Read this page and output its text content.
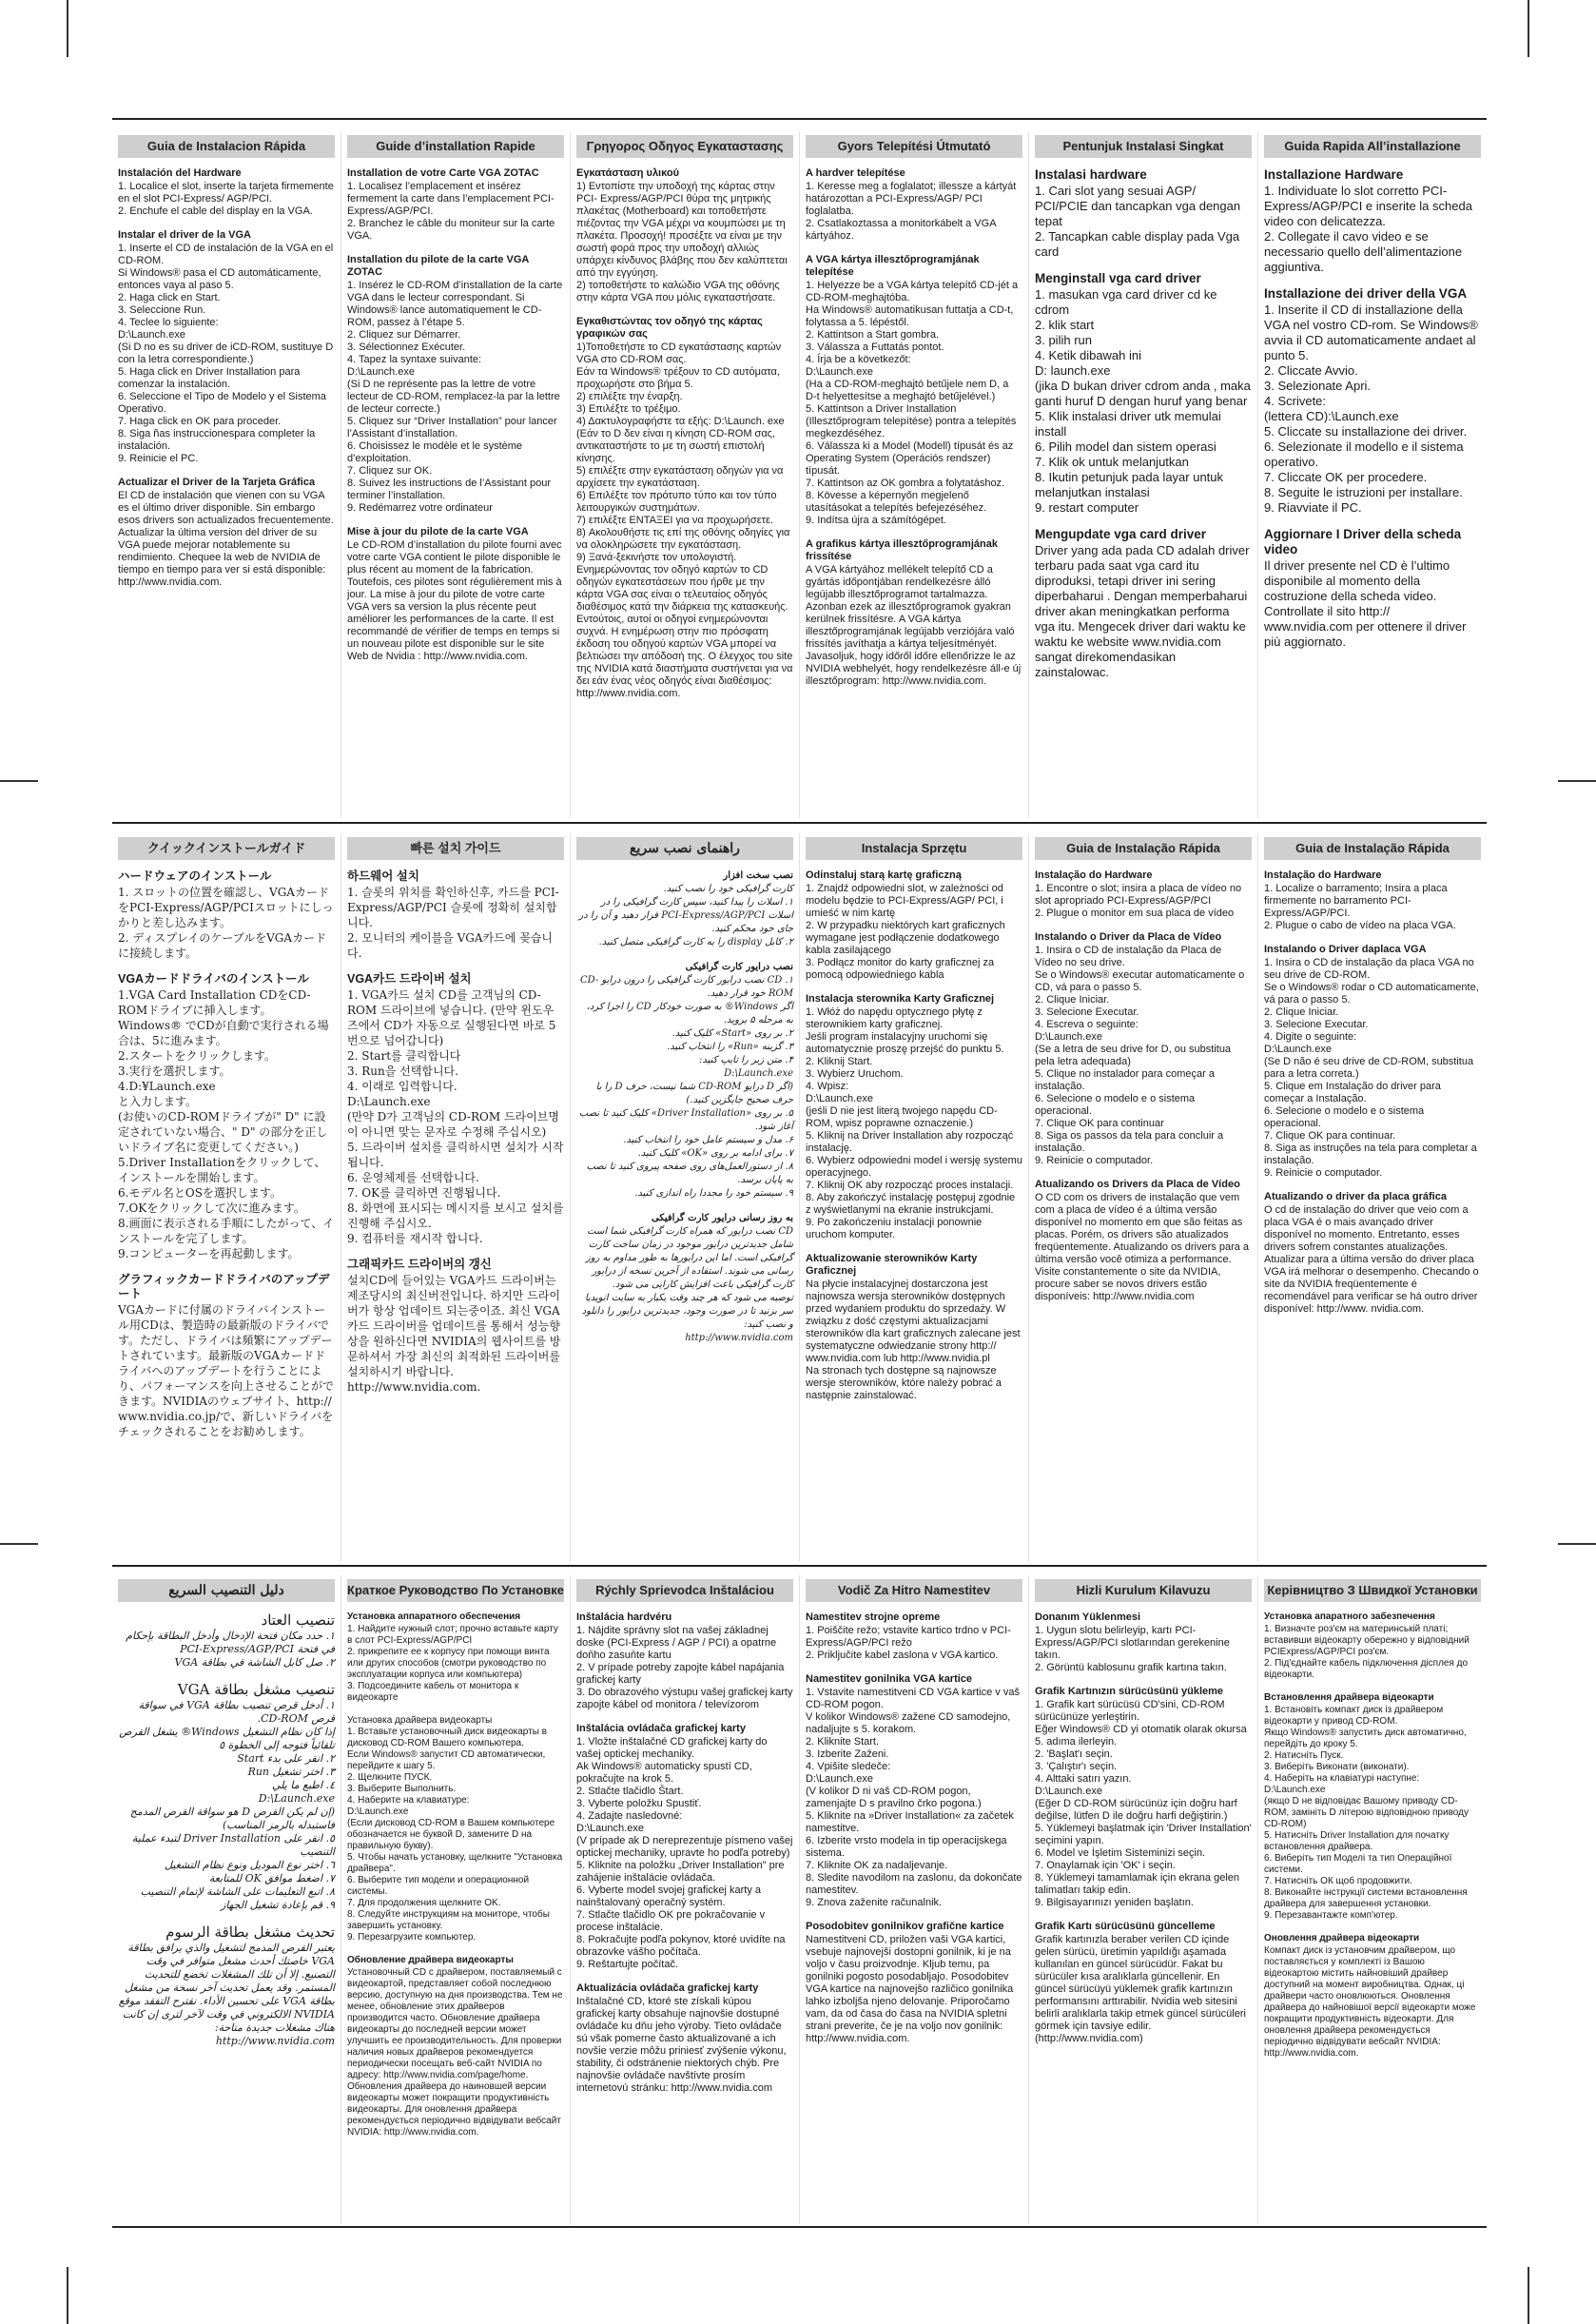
Guia de Instalacion Rápida
Instalación del Hardware
1. Localice el slot, inserte la tarjeta firmemente en el slot PCI-Express/ AGP/PCI.
2. Enchufe el cable del display en la VGA.
Instalar el driver de la VGA
1. Inserte el CD de instalación de la VGA en el CD-ROM.
Si Windows® pasa el CD automáticamente, entonces vaya al paso 5.
2. Haga click en Start.
3. Seleccione Run.
4. Teclee lo siguiente:
D:\Launch.exe
(Si D no es su driver de iCD-ROM, sustituye D con la letra correspondiente.)
5. Haga click en Driver Installation para comenzar la instalación.
6. Seleccione el Tipo de Modelo y el Sistema Operativo.
7. Haga click en OK para proceder.
8. Siga ñas instruccionespara completer la instalación.
9. Reinicie el PC.
Actualizar el Driver de la Tarjeta Gráfica
El CD de instalación que vienen con su VGA es el último driver disponible. Sin embargo esos drivers son actualizados frecuentemente. Actualizar la última version del driver de su VGA puede mejorar notablemente su rendimiento. Chequee la web de NVIDIA de tiempo en tiempo para ver si está disponible: http://www.nvidia.com.
Guide d’installation Rapide
Installation de votre Carte VGA ZOTAC
1. Localisez l’emplacement et insérez fermement la carte dans l’emplacement PCI-Express/AGP/PCI.
2. Branchez le câble du moniteur sur la carte VGA.
Installation du pilote de la carte VGA ZOTAC
1. Insérez le CD-ROM d’installation de la carte VGA dans le lecteur correspondant. Si Windows® lance automatiquement le CD-ROM, passez à l’étape 5.
2. Cliquez sur Démarrer.
3. Sélectionnez Exécuter.
4. Tapez la syntaxe suivante:
D:\Launch.exe
(Si D ne représente pas la lettre de votre lecteur de CD-ROM, remplacez-la par la lettre de lecteur correcte.)
5. Cliquez sur “Driver Installation” pour lancer l’Assistant d’installation.
6. Choisissez le modèle et le système d’exploitation.
7. Cliquez sur OK.
8. Suivez les instructions de l’Assistant pour terminer l’installation.
9. Redémarrez votre ordinateur
Mise à jour du pilote de la carte VGA
Le CD-ROM d’installation du pilote fourni avec votre carte VGA contient le pilote disponible le plus récent au moment de la fabrication. Toutefois, ces pilotes sont régulièrement mis à jour. La mise à jour du pilote de votre carte VGA vers sa version la plus récente peut améliorer les performances de la carte. Il est recommandé de vérifier de temps en temps si un nouveau pilote est disponible sur le site Web de Nvidia : http://www.nvidia.com.
Γρηγορος Οδηγος Εγκαταστασης
Εγκατάσταση υλικού
1) Εντοπίστε την υποδοχή της κάρτας στην PCI- Express/AGP/PCI θύρα της μητρικής πλακέτας (Motherboard) και τοποθετήστε πιέζοντας την VGA μέχρι να κουμπώσει με τη πλακέτα. Προσοχή! προσέξτε να είναι με την σωστή φορά προς την υποδοχή αλλιώς υπάρχει κίνδυνος βλάβης που δεν καλύπτεται από την εγγύηση.
2) τοποθετήστε το καλώδιο VGA της οθόνης στην κάρτα VGA που μόλις εγκαταστήσατε.
Εγκαθιστώντας τον οδηγό της κάρτας γραφικών σας
1)Τοποθετήστε το CD εγκατάστασης καρτών VGA στο CD-ROM σας.
Εάν τα Windows® τρέξουν το CD αυτόματα, προχωρήστε στο βήμα 5.
2) επιλέξτε την έναρξη.
3) Επιλέξτε το τρέξιμο.
4) Δακτυλογραφήστε τα εξής: D:\Launch. exe (Εάν το D δεν είναι η κίνηση CD-ROM σας, αντικαταστήστε το με τη σωστή επιστολή κίνησης.
5) επιλέξτε στην εγκατάσταση οδηγών για να αρχίσετε την εγκατάσταση.
6) Επιλέξτε τον πρότυπο τύπο και τον τύπο λειτουργικών συστημάτων.
7) επιλέξτε ΕΝΤΑΞΕΙ για να προχωρήσετε.
8) Ακολουθήστε τις επί της οθόνης οδηγίες για να ολοκληρώσετε την εγκατάσταση.
9) Ξανά-ξεκινήστε τον υπολογιστή.
Ενημερώνοντας τον οδηγό καρτών το CD οδηγών εγκατεστάσεων που ήρθε με την κάρτα VGA σας είναι ο τελευταίος οδηγός διαθέσιμος κατά την διάρκεια της κατασκευής. Εντούτοις, αυτοί οι οδηγοί ενημερώνονται συχνά. Η ενημέρωση στην πιο πρόσφατη έκδοση του οδηγού καρτών VGA μπορεί να βελτιώσει την απόδοσή της. Ο έλεγχος του site της NVIDIA κατά διαστήματα συστήνεται για να δει εάν ένας νέος οδηγός είναι διαθέσιμος: http://www.nvidia.com.
Gyors Telepítési Útmutató
A hardver telepítése
1. Keresse meg a foglalatot; illessze a kártyát határozottan a PCI-Express/AGP/ PCI foglalatba.
2. Csatlakoztassa a monitorkábelt a VGA kártyához.
A VGA kártya illesztőprogramjának telepítése
1. Helyezze be a VGA kártya telepítő CD-jét a CD-ROM-meghajtóba.
Ha Windows® automatikusan futtatja a CD-t, folytassa a 5. lépéstől.
2. Kattintson a Start gombra.
3. Válassza a Futtatás pontot.
4. Írja be a következőt:
D:\Launch.exe
(Ha a CD-ROM-meghajtó betűjele nem D, a D-t helyettesítse a meghajtó betűjelével.)
5. Kattintson a Driver Installation (Illesztőprogram telepítése) pontra a telepítés megkezdéséhez.
6. Válassza ki a Model (Modell) típusát és az Operating System (Operációs rendszer) típusát.
7. Kattintson az OK gombra a folytatáshoz.
8. Kövesse a képernyőn megjelenő utasításokat a telepítés befejezéséhez.
9. Indítsa újra a számítógépet.
A grafikus kártya illesztőprogramjának frissítése
A VGA kártyához mellékelt telepítő CD a gyártás időpontjában rendelkezésre álló legújabb illesztőprogramot tartalmazza. Azonban ezek az illesztőprogramok gyakran kerülnek frissítésre. A VGA kártya illesztőprogramjának legújabb verziójára való frissítés javíthatja a kártya teljesítményét. Javasoljuk, hogy időről időre ellenőrizze le az NVIDIA webhelyét, hogy rendelkezésre áll-e új illesztőprogram: http://www.nvidia.com.
Pentunjuk Instalasi Singkat
Instalasi hardware
1. Cari slot yang sesuai AGP/ PCI/PCIE dan tancapkan vga dengan tepat
2. Tancapkan cable display pada Vga card
Menginstall vga card driver
1. masukan vga card driver cd ke cdrom
2. klik start
3. pilih run
4. Ketik dibawah ini
D: launch.exe
(jika D bukan driver cdrom anda , maka ganti huruf D dengan huruf yang benar
5. Klik instalasi driver utk memulai install
6. Pilih model dan sistem operasi
7. Klik ok untuk melanjutkan
8. Ikutin petunjuk pada layar untuk melanjutkan instalasi
9. restart computer
Mengupdate vga card driver
Driver yang ada pada CD adalah driver terbaru pada saat vga card itu diproduksi, tetapi driver ini sering diperbaharui . Dengan memperbaharui driver akan meningkatkan performa vga itu. Mengecek driver dari waktu ke waktu ke website www.nvidia.com sangat direkomendasikan zainstalowac.
Guida Rapida All’installazione
Installazione Hardware
1. Individuate lo slot corretto PCI-Express/AGP/PCI e inserite la scheda video con delicatezza.
2. Collegate il cavo video e se necessario quello dell’alimentazione aggiuntiva.
Installazione dei driver della VGA
1. Inserite il CD di installazione della VGA nel vostro CD-rom. Se Windows® avvia il CD automaticamente andaet al punto 5.
2. Cliccate Avvio.
3. Selezionate Apri.
4. Scrivete:
(lettera CD):\Launch.exe
5. Cliccate su installazione dei driver.
6. Selezionate il modello e il sistema operativo.
7. Cliccate OK per procedere.
8. Seguite le istruzioni per installare.
9. Riavviate il PC.
Aggiornare I Driver della scheda video
Il driver presente nel CD è l’ultimo disponibile al momento della costruzione della scheda video. Controllate il sito http:// www.nvidia.com per ottenere il driver più aggiornato.
クイックインストールガイド
ハードウェアのインストール
1. スロットの位置を確認し、VGAカードをPCI-Express/AGP/PCIスロットにしっかりと差し込みます。
2. ディスプレイのケーブルをVGAカードに接続します。
VGAカードドライバのインストール
1.VGA Card Installation CDをCD-ROMドライブに挿入します。Windows® でCDが自動で実行される場合は、5に進みます。
2.スタートをクリックします。
3.実行を選択します。
4.D:¥Launch.exe
と入力します。
(お使いのCD-ROMドライブが" D" に設定されていない場合、" D" の部分を正しいドライブ名に変更してください。)
5.Driver Installationをクリックして、インストールを開始します。
6.モデル名とOSを選択します。
7.OKをクリックして次に進みます。
8.画面に表示される手順にしたがって、インストールを完了します。
9.コンピューターを再起動します。
グラフィックカードドライバのアップデート
VGAカードに付属のドライバインストール用CDは、製造時の最新版のドライバです。ただし、ドライバは頻繁にアップデートされています。最新版のVGAカードドライバへのアップデートを行うことにより、パフォーマンスを向上させることができます。NVIDIAのウェブサイト、http:// www.nvidia.co.jp/で、新しいドライバをチェックされることをお勧めします。
빠른 설치 가이드
하드웨어 설치
1. 슬롯의 위치를 확인하신후, 카드를 PCI-Express/AGP/PCI 슬롯에 정확히 설치합니다.
2. 모니터의 케이블을 VGA카드에 꽂습니다.
VGA카드 드라이버 설치
1. VGA카드 설치 CD를 고객님의 CD-ROM 드라이브에 넣습니다. (만약 윈도우즈에서 CD가 자동으로 실행된다면 바로 5번으로 넘어갑니다)
2. Start를 클릭합니다
3. Run을 선택합니다.
4. 이래로 입력합니다.
D:\Launch.exe
(만약 D가 고객님의 CD-ROM 드라이브명이 아니면 맞는 문자로 수정해 주십시오)
5. 드라이버 설치를 클릭하시면 설치가 시작됩니다.
6. 운영체제를 선택합니다.
7. OK를 클릭하면 진행됩니다.
8. 화면에 표시되는 메시지를 보시고 설치를 진행해 주십시오.
9. 컴퓨터를 재시작 합니다.
그래픽카드 드라이버의 갱신
설치CD에 들어있는 VGA카드 드라이버는 제조당시의 최신버전입니다. 하지만 드라이버가 항상 업데이트 되는중이죠. 최신 VGA카드 드라이버를 업데이트를 통해서 성능향상을 원하신다면 NVIDIA의 웹사이트를 방문하셔서 가장 최신의 최적화된 드라이버를 설치하시기 바랍니다.
http://www.nvidia.com.
راهنمای نصب سریع
نصب سخت افزار
کارت گرافیکی خود را نصب کنید.
۱. اسلات را پیدا کنید، سپس کارت گرافیکی را در اسلات PCI-Express/AGP/PCI قرار دهید و آن را در جای خود محکم کنید.
۲. کابل display را به کارت گرافیکی متصل کنید.
نصب درایور کارت گرافیکی
۱. CD نصب درایور کارت گرافیکی را درون درایو CD-ROM خود قرار دهید.
اگر Windows® به صورت خودکار CD را اجرا کرد، به مرحله ۵ بروید.
۲. بر روی «Start» کلیک کنید.
۳. گزینه «Run» را انتخاب کنید.
۴. متن زیر را تایپ کنید:
D:\Launch.exe
(اگر D درایو CD-ROM شما نیست، حرف D را با حرف صحیح جایگزین کنید.)
۵. بر روی «Driver Installation» کلیک کنید تا نصب آغاز شود.
۶. مدل و سیستم عامل خود را انتخاب کنید.
۷. برای ادامه بر روی «OK» کلیک کنید.
۸. از دستورالعمل‌های روی صفحه پیروی کنید تا نصب به پایان برسد.
۹. سیستم خود را مجددا راه اندازی کنید.
به روز رسانی درایور کارت گرافیکی
CD نصب درایور که همراه کارت گرافیکی شما است شامل جدیدترین درایور موجود در زمان ساخت کارت گرافیکی است. اما این درایورها به طور مداوم به روز رسانی می شوند. استفاده از آخرین نسخه از درایور کارت گرافیکی باعث افزایش کارایی می شود.
توصیه می شود که هر چند وقت یکبار به سایت انویدیا سر بزنید تا در صورت وجود، جدیدترین درایور را دانلود و نصب کنید:
http://www.nvidia.com
Instalacja Sprzętu
Odinstaluj starą kartę graficzną
1. Znajdź odpowiedni slot, w zależności od modelu będzie to PCI-Express/AGP/ PCI, i umieść w nim kartę
2. W przypadku niektórych kart graficznych wymagane jest podłączenie dodatkowego kabla zasilającego
3. Podłącz monitor do karty graficznej za pomocą odpowiedniego kabla
Instalacja sterownika Karty Graficznej
1. Włóż do napędu optycznego płytę z sterownikiem karty graficznej.
Jeśli program instalacyjny uruchomi się automatycznie proszę przejść do punktu 5.
2. Kliknij Start.
3. Wybierz Uruchom.
4. Wpisz:
D:\Launch.exe
(jeśli D nie jest literą twojego napędu CD-ROM, wpisz poprawne oznaczenie.)
5. Kliknij na Driver Installation aby rozpocząć instalację.
6. Wybierz odpowiedni model i wersję systemu operacyjnego.
7. Kliknij OK aby rozpocząć proces instalacji.
8. Aby zakończyć instalację postępuj zgodnie z wyświetlanymi na ekranie instrukcjami.
9. Po zakończeniu instalacji ponownie uruchom komputer.
Aktualizowanie sterowników Karty Graficznej
Na płycie instalacyjnej dostarczona jest najnowsza wersja sterowników dostępnych przed wydaniem produktu do sprzedaży. W związku z dość częstymi aktualizacjami sterowników dla kart graficznych zalecane jest systematyczne odwiedzanie strony http:// www.nvidia.com lub http://www.nvidia.pl
Na stronach tych dostępne są najnowsze wersje sterowników, które należy pobrać a następnie zainstalować.
Guia de Instalação Rápida
Instalação do Hardware
1. Encontre o slot; insira a placa de vídeo no slot apropriado PCI-Express/AGP/PCI
2. Plugue o monitor em sua placa de vídeo
Instalando o Driver da Placa de Vídeo
1. Insira o CD de instalação da Placa de Vídeo no seu drive.
Se o Windows® executar automaticamente o CD, vá para o passo 5.
2. Clique Iniciar.
3. Selecione Executar.
4. Escreva o seguinte:
D:\Launch.exe
(Se a letra de seu drive for D, ou substitua pela letra adequada)
5. Clique no instalador para começar a instalação.
6. Selecione o modelo e o sistema operacional.
7. Clique OK para continuar
8. Siga os passos da tela para concluir a instalação.
9. Reinicie o computador.
Atualizando os Drivers da Placa de Vídeo
O CD com os drivers de instalação que vem com a placa de vídeo é a última versão disponível no momento em que são feitas as placas. Porém, os drivers são atualizados freqüentemente. Atualizando os drivers para a última versão você otimiza a performance. Visite constantemente o site da NVIDIA, procure saber se novos drivers estão disponíveis: http://www.nvidia.com
Guia de Instalação Rápida
Instalação do Hardware
1. Localize o barramento; Insira a placa firmemente no barramento PCI-Express/AGP/PCI.
2. Plugue o cabo de vídeo na placa VGA.
Instalando o Driver daplaca VGA
1. Insira o CD de instalação da placa VGA no seu drive de CD-ROM.
Se o Windows® rodar o CD automaticamente, vá para o passo 5.
2. Clique Iniciar.
3. Selecione Executar.
4. Digite o seguinte:
D:\Launch.exe
(Se D não é seu drive de CD-ROM, substitua para a letra correta.)
5. Clique em Instalação do driver para começar a Instalação.
6. Selecione o modelo e o sistema operacional.
7. Clique OK para continuar.
8. Siga as instruções na tela para completar a instalação.
9. Reinicie o computador.
Atualizando o driver da placa gráfica
O cd de instalação do driver que veio com a placa VGA é o mais avançado driver disponível no momento. Entretanto, esses drivers sofrem constantes atualizações. Atualizar para a última versão do driver placa VGA irá melhorar o desempenho. Checando o site da NVIDIA freqüentemente é recomendável para verificar se há outro driver disponível: http://www. nvidia.com.
دليل التنصيب السريع
تنصيب العتاد
١. حدد مكان فتحة الإدخال وأدخل البطاقة بإحكام في فتحة PCI-Express/AGP/PCI
٢. صل كابل الشاشة في بطاقة VGA
تنصيب مشغل بطاقة VGA
١. أدخل قرص تنصيب بطاقة VGA في سواقة قرص CD-ROM.
إذا كان نظام التشغيل Windows® يشغل القرص تلقائياً فتوجه إلى الخطوة ٥
٢. انقر على بدء Start
٣. اختر تشغيل Run
٤. اطبع ما يلي
D:\Launch.exe
(إن لم يكن القرص D هو سواقة القرص المدمج فاستبدله بالرمز المناسب)
٥. انقر على Driver Installation لتبدء عملية التنصيب
٦. اختر نوع الموديل ونوع نظام التشغيل
٧. اضغط موافق OK للمتابعة
٨. اتبع التعليمات على الشاشة لإتمام التنصيب
٩. قم بإعادة تشغيل الجهاز
تحديث مشغل بطاقة الرسوم
يعتبر القرص المدمج لتشغيل والذي يرافق بطاقة VGA خاصتك أحدث مشغل متوافر في وقت التصنيع. إلا أن تلك المشغلات تخضع للتحديث المستمر. وقد يعمل تحديث آخر نسخة من مشغل بطاقة VGA على تحسين الأداء. نقترح التفقد موقع NVIDIA الالكتروني في وقت لآخر لترى إن كانت هناك مشغلات جديدة متاحة: http://www.nvidia.com
Краткое Руководство По Установке
Установка аппаратного обеспечения
1. Найдите нужный слот; прочно вставьте карту в слот PCI-Express/AGP/PCI
2. прикрепите ее к корпусу при помощи винта или других способов (смотри руководство по эксплуатации корпуса или компьютера)
3. Подсоедините кабель от монитора к видеокарте
Установка драйвера видеокарты
1. Вставьте установочный диск видеокарты в дисковод CD-ROM Вашего компьютера.
Если Windows® запустит CD автоматически, перейдите к шагу 5.
2. Щелкните ПУСК.
3. Выберите Выполнить.
4. Наберите на клавиатуре:
D:\Launch.exe
(Если дисковод CD-ROM в Вашем компьютере обозначается не буквой D, замените D на правильную букву).
5. Чтобы начать установку, щелкните "Установка драйвера".
6. Выберите тип модели и операционной системы.
7. Для продолжения щелкните OK.
8. Следуйте инструкциям на мониторе, чтобы завершить установку.
9. Перезагрузите компьютер.
Обновление драйвера видеокарты
Установочный CD с драйвером, поставляемый с видеокартой, представляет собой последнюю версию, доступную на дня производства. Тем не менее, обновление этих драйверов производится часто. Обновление драйвера видеокарты до последней версии может улучшить ее производительность. Для проверки наличия новых драйверов рекомендуется периодически посещать веб-сайт NVIDIA по адресу: http://www.nvidia.com/page/home. Обновления драйвера до наиновшей версии видеокарты может покращити продуктивність видеокарты. Для оновлення драйвера рекомендується періодично відвідувати вебсайт NVIDIA: http://www.nvidia.com.
Rýchly Sprievodca Inštaláciou
Inštalácia hardvéru
1. Nájdite správny slot na vašej základnej doske (PCI-Express / AGP / PCI) a opatrne doňho zasuňte kartu
2. V prípade potreby zapojte kábel napájania grafickej karty
3. Do obrazového výstupu vašej grafickej karty zapojte kábel od monitora / televízorom
Inštalácia ovládača grafickej karty
1. Vložte inštalačné CD grafickej karty do vašej optickej mechaniky.
Ak Windows® automaticky spustí CD, pokračujte na krok 5.
2. Stlačte tlačidlo Štart.
3. Vyberte položku Spustiť.
4. Zadajte nasledovné:
D:\Launch.exe
(V prípade ak D nereprezentuje písmeno vašej optickej mechaniky, upravte ho podľa potreby)
5. Kliknite na položku „Driver Installation" pre zahájenie inštalácie ovládača.
6. Vyberte model svojej grafickej karty a nainštalovaný operačný systém.
7. Stlačte tlačidlo OK pre pokračovanie v procese inštalácie.
8. Pokračujte podľa pokynov, ktoré uvidíte na obrazovke vášho počítača.
9. Reštartujte počítač.
Aktualizácia ovládača grafickej karty
Inštalačné CD, ktoré ste získali kúpou grafickej karty obsahuje najnovšie dostupné ovládače ku dňu jeho výroby. Tieto ovládače sú však pomerne často aktualizované a ich novšie verzie môžu priniesť zvýšenie výkonu, stability, či odstránenie niektorých chýb. Pre najnovšie ovládače navštívte prosím internetovú stránku: http://www.nvidia.com
Vodič Za Hitro Namestitev
Namestitev strojne opreme
1. Poiščite režo; vstavite kartico trdno v PCI-Express/AGP/PCI režo
2. Priključite kabel zaslona v VGA kartico.
Namestitev gonilnika VGA kartice
1. Vstavite namestitveni CD VGA kartice v vaš CD-ROM pogon.
V kolikor Windows® zažene CD samodejno, nadaljujte s 5. korakom.
2. Kliknite Start.
3. Izberite Zaženi.
4. Vpišite sledeče:
D:\Launch.exe
(V kolikor D ni vaš CD-ROM pogon, zamenjajte D s pravilno črko pogona.)
5. Kliknite na »Driver Installation« za začetek namestitve.
6. Izberite vrsto modela in tip operacijskega sistema.
7. Kliknite OK za nadaljevanje.
8. Sledite navodilom na zaslonu, da dokončate namestitev.
9. Znova zaženite računalnik.
Posodobitev gonilnikov grafične kartice
Namestitveni CD, priložen vaši VGA kartici, vsebuje najnovejši dostopni gonilnik, ki je na voljo v času proizvodnje. Kljub temu, pa gonilniki pogosto posodabljajo. Posodobitev VGA kartice na najnovejšo različico gonilnika lahko izboljša njeno delovanje. Priporočamo vam, da od časa do časa na NVIDIA spletni strani preverite, če je na voljo nov gonilnik: http://www.nvidia.com.
Hizli Kurulum Kilavuzu
Donanım Yüklenmesi
1. Uygun slotu belirleyip, kartı PCI-Express/AGP/PCI slotlarından gerekenine takın.
2. Görüntü kablosunu grafik kartına takın.
Grafik Kartınızın sürücüsünü yükleme
1. Grafik kart sürücüsü CD'sini, CD-ROM sürücünüze yerleştirin.
Eğer Windows® CD yi otomatik olarak okursa 5. adıma ilerleyin.
2. 'Başlat'ı seçin.
3. 'Çalıştır'ı seçin.
4. Alttaki satırı yazın.
D:\Launch.exe
(Eğer D CD-ROM sürücünüz için doğru harf değilse, lütfen D ile doğru harfi değiştirin.)
5. Yüklemeyi başlatmak için 'Driver Installation' seçimini yapın.
6. Model ve İşletim Sisteminizi seçin.
7. Onaylamak için 'OK' i seçin.
8. Yüklemeyi tamamlamak için ekrana gelen talimatları takip edin.
9. Bilgisayarınızı yeniden başlatın.
Grafik Kartı sürücüsünü güncelleme
Grafik kartınızla beraber verilen CD içinde gelen sürücü, üretimin yapıldığı aşamada kullanılan en güncel sürücüdür. Fakat bu sürücüler kısa aralıklarla güncellenir. En güncel sürücüyü yüklemek grafik kartınızın performansını arttırabilir. Nvidia web sitesini belirli aralıklarla takip etmek güncel sürücüleri görmek için tavsiye edilir. (http://www.nvidia.com)
Керівництво З Швидкої Установки
Установка апаратного забезпечення
1. Визначте роз'єм на материнській платі; вставивши відеокарту обережно у відповідний PCIExpress/AGP/PCI роз'єм.
2. Під'єднайте кабель підключення дісплея до відеокарти.
Встановлення драйвера відеокарти
1. Встановіть компакт диск із драйвером відеокарти у привод CD-ROM.
Якщо Windows® запустить диск автоматично, перейдіть до кроку 5.
2. Натисніть Пуск.
3. Виберіть Виконати (виконати).
4. Наберіть на клавіатурі наступне: D:\Launch.exe
(якщо D не відповідає Вашому приводу CD-ROM, замініть D літерою відповідною приводу CD-ROM)
5. Натисніть Driver Installation для початку встановлення драйвера.
6. Виберіть тип Моделі та тип Операційної системи.
7. Натисніть ОК щоб продовжити.
8. Виконайте інструкції системи встановлення драйвера для завершення установки.
9. Перезавантажте комп'ютер.
Оновлення драйвера відеокарти
Компакт диск із установчим драйвером, що поставляється у комплекті із Вашою відеокартою містить найновіший драйвер доступний на момент виробництва. Однак, ці драйвери часто оновлюються. Оновлення драйвера до найновішої версії відеокарти може покращити продуктивність відеокарти. Для оновлення драйвера рекомендується періодично відвідувати вебсайт NVIDIA: http://www.nvidia.com.
